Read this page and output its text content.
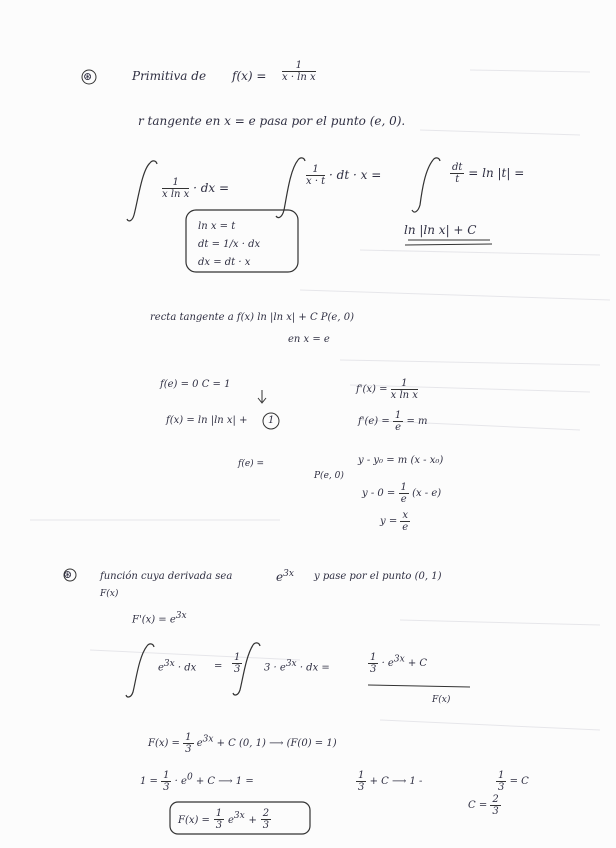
⊛	Primitiva de $f(x) = \frac{1}{\text{x · ln x}}$
r tangente en x = e pasa por el punto (e, 0).
$\frac{1}{\text{x ln x}}$ · dx =
$\frac{1}{x \cdot t}$ · dt · x =	$\frac{dt}{t} = \ln |t|$ =
ln x = t
dt = 1/x · dx
dx = dt · x
ln |ln x| + C
recta tangente a f(x) ln |ln x| + C P(e, 0)
en x = e
f(e) = 0 C = 1
f(x) = ln |ln x| + 1
$f'(x) = \frac{1}{\text{x ln x}}$
$f'(e) = \frac{1}{e} = m$
f(e) =
P(e, 0)
y - y₀ = m (x - x₀)
$y - 0 = \frac{1}{e} (x - e)$
$y = \frac{x}{e}$
⊛	función cuya derivada sea	$e^{3x}$ y pase por el punto (0, 1)
F(x)
$F'(x) = e^{3x}$
$e^{3x}$ · dx = $\frac{1}{3} 3 \cdot e^{3x}$ · dx =	$\frac{1}{3} \cdot e^{3x} + C$
F(x)
$F(x) = \frac{1}{3} e^{3x} + C$ (0, 1) ⟶ (F(0) = 1)
$1 = \frac{1}{3} \cdot e^0 + C$ ⟶ 1 =	$\frac{1}{3} + C$ ⟶ 1 -	$\frac{1}{3} = C$
$C = \frac{2}{3}$
$F(x) = \frac{1}{3} e^{3x} + \frac{2}{3}$
